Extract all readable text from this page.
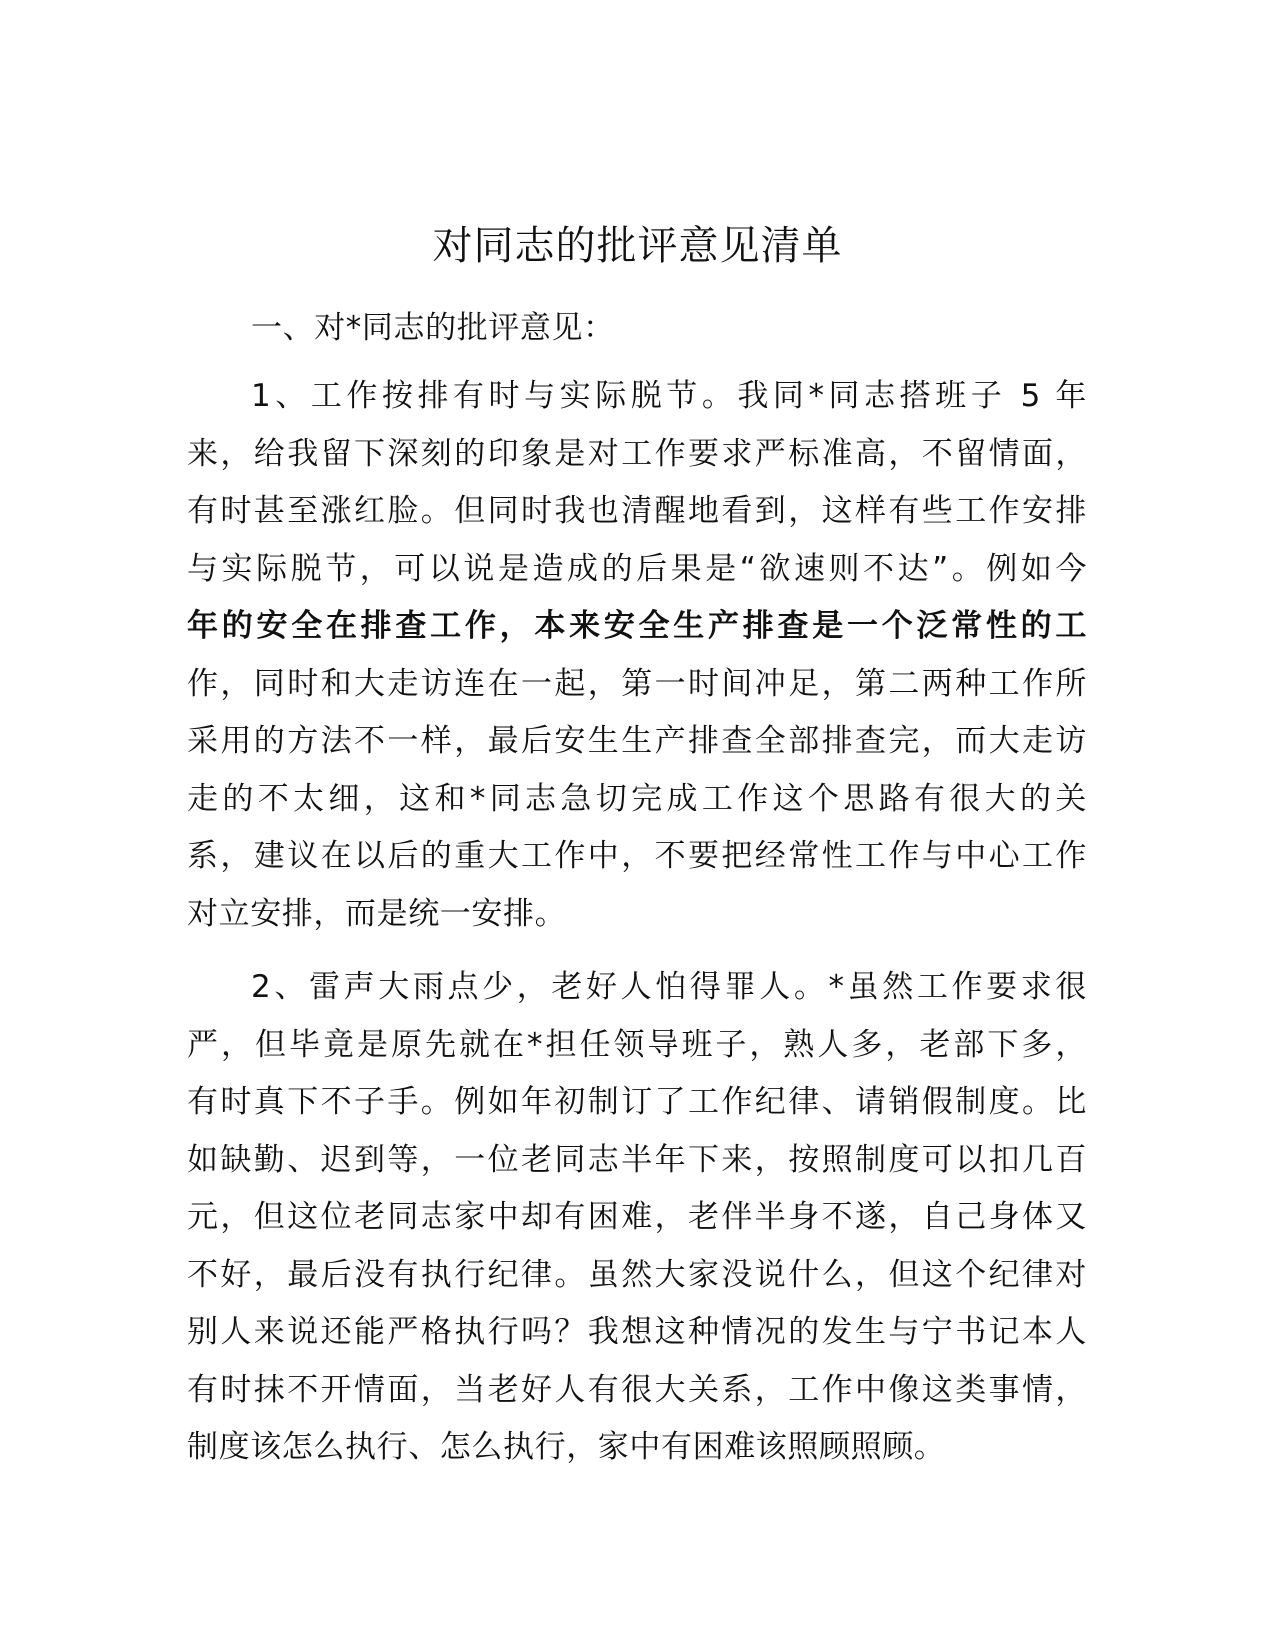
对同志的批评意见清单

一、对*同志的批评意见：

1、工作按排有时与实际脱节。我同*同志搭班子 5 年
来，给我留下深刻的印象是对工作要求严标准高，不留情面，
有时甚至涨红脸。但同时我也清醒地看到，这样有些工作安排
与实际脱节，可以说是造成的后果是“欲速则不达”。例如今
年的安全在排查工作，本来安全生产排查是一个泛常性的工
作，同时和大走访连在一起，第一时间冲足，第二两种工作所
采用的方法不一样，最后安生生产排查全部排查完，而大走访
走的不太细，这和*同志急切完成工作这个思路有很大的关
系，建议在以后的重大工作中，不要把经常性工作与中心工作
对立安排，而是统一安排。
2、雷声大雨点少，老好人怕得罪人。*虽然工作要求很
严，但毕竟是原先就在*担任领导班子，熟人多，老部下多，
有时真下不子手。例如年初制订了工作纪律、请销假制度。比
如缺勤、迟到等，一位老同志半年下来，按照制度可以扣几百
元，但这位老同志家中却有困难，老伴半身不遂，自己身体又
不好，最后没有执行纪律。虽然大家没说什么，但这个纪律对
别人来说还能严格执行吗？我想这种情况的发生与宁书记本人
有时抹不开情面，当老好人有很大关系，工作中像这类事情，
制度该怎么执行、怎么执行，家中有困难该照顾照顾。
